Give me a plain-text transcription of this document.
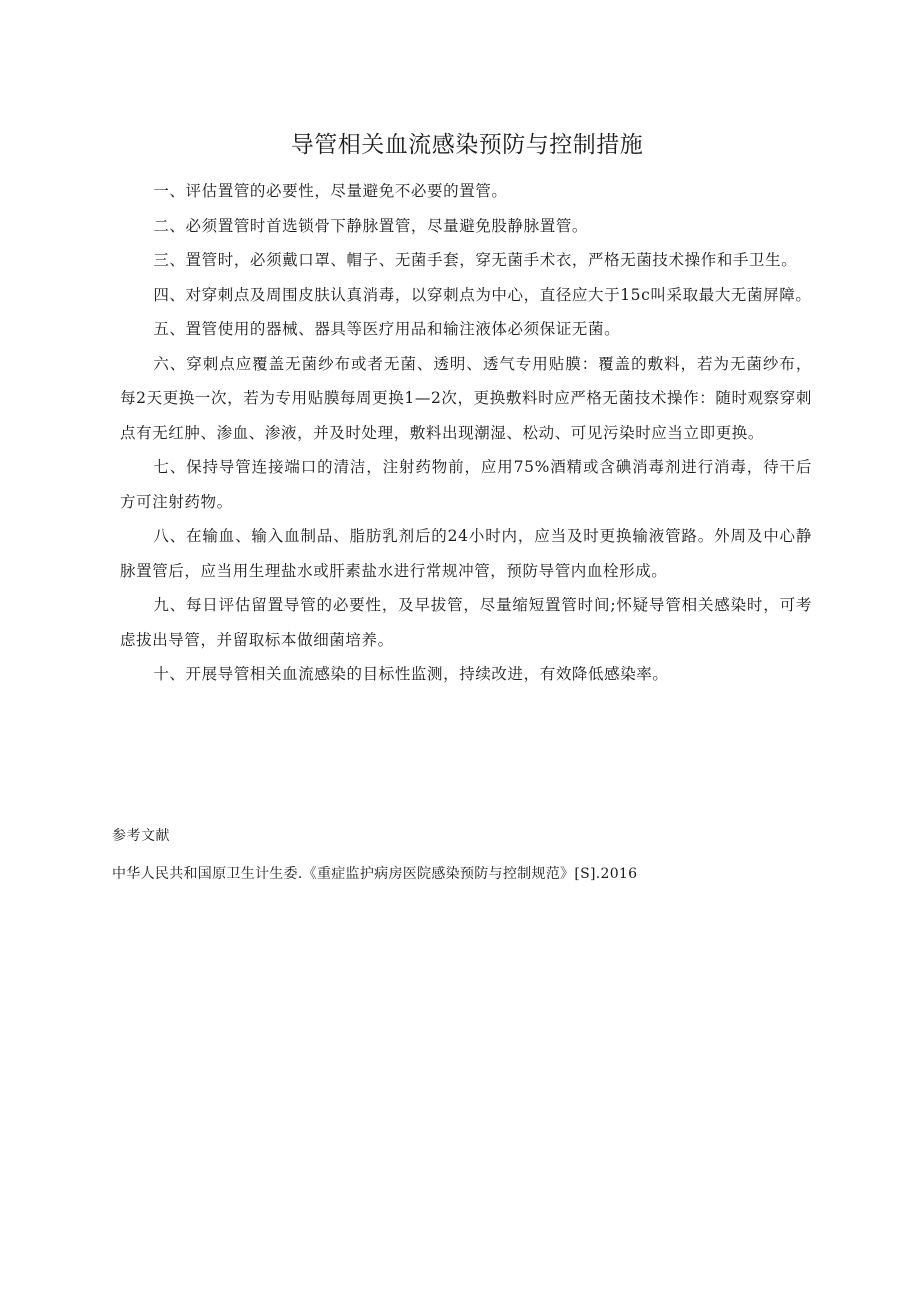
导管相关血流感染预防与控制措施

一、评估置管的必要性，尽量避免不必要的置管。

二、必须置管时首选锁骨下静脉置管，尽量避免股静脉置管。

三、置管时，必须戴口罩、帽子、无菌手套，穿无菌手术衣，严格无菌技术操作和手卫生。

四、对穿刺点及周围皮肤认真消毒，以穿刺点为中心，直径应大于15c叫采取最大无菌屏障。

五、置管使用的器械、器具等医疗用品和输注液体必须保证无菌。

六、穿刺点应覆盖无菌纱布或者无菌、透明、透气专用贴膜：覆盖的敷料，若为无菌纱布，每2天更换一次，若为专用贴膜每周更换1—2次，更换敷料时应严格无菌技术操作：随时观察穿刺点有无红肿、渗血、渗液，并及时处理，敷料出现潮湿、松动、可见污染时应当立即更换。

七、保持导管连接端口的清洁，注射药物前，应用75%酒精或含碘消毒剂进行消毒，待干后方可注射药物。

八、在输血、输入血制品、脂肪乳剂后的24小时内，应当及时更换输液管路。外周及中心静脉置管后，应当用生理盐水或肝素盐水进行常规冲管，预防导管内血栓形成。

九、每日评估留置导管的必要性，及早拔管，尽量缩短置管时间;怀疑导管相关感染时，可考虑拔出导管，并留取标本做细菌培养。

十、开展导管相关血流感染的目标性监测，持续改进，有效降低感染率。

参考文献
中华人民共和国原卫生计生委.《重症监护病房医院感染预防与控制规范》[S].2016
